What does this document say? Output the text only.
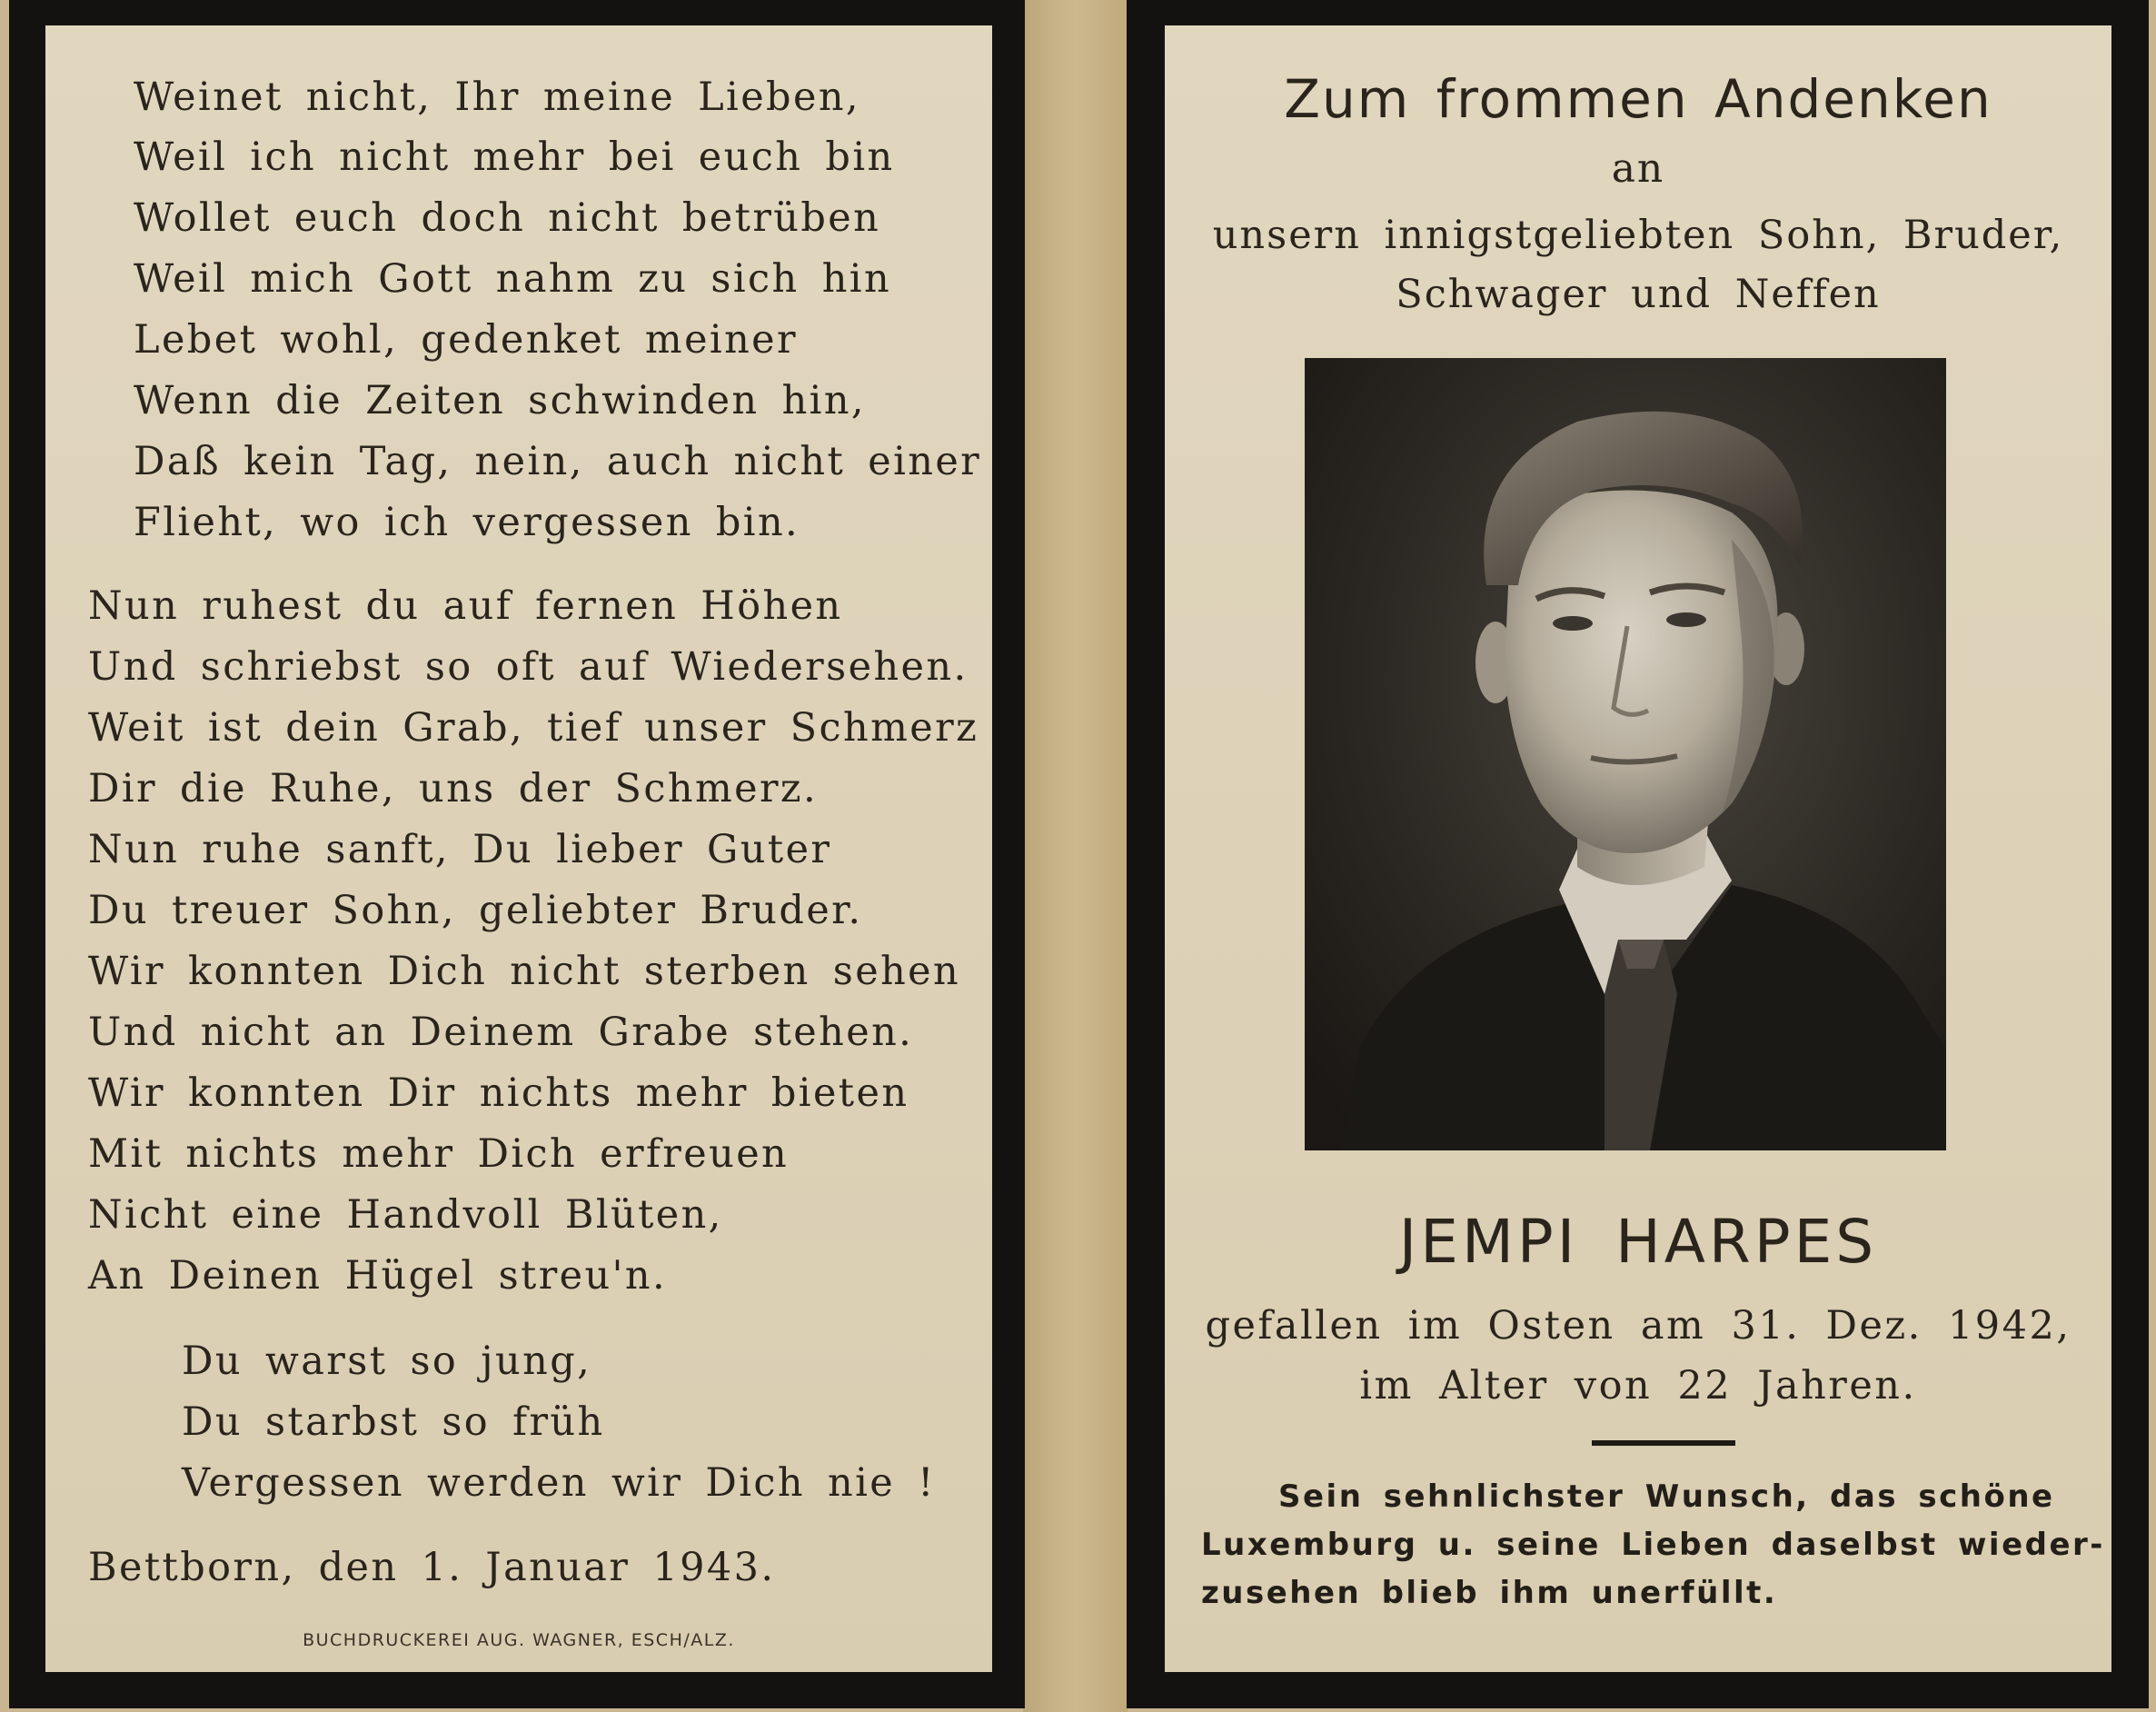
Weinet nicht, Ihr meine Lieben,
Weil ich nicht mehr bei euch bin
Wollet euch doch nicht betrüben
Weil mich Gott nahm zu sich hin
Lebet wohl, gedenket meiner
Wenn die Zeiten schwinden hin,
Daß kein Tag, nein, auch nicht einer
Flieht, wo ich vergessen bin.
Nun ruhest du auf fernen Höhen
Und schriebst so oft auf Wiedersehen.
Weit ist dein Grab, tief unser Schmerz
Dir die Ruhe, uns der Schmerz.
Nun ruhe sanft, Du lieber Guter
Du treuer Sohn, geliebter Bruder.
Wir konnten Dich nicht sterben sehen
Und nicht an Deinem Grabe stehen.
Wir konnten Dir nichts mehr bieten
Mit nichts mehr Dich erfreuen
Nicht eine Handvoll Blüten,
An Deinen Hügel streu'n.
Du warst so jung,
Du starbst so früh
Vergessen werden wir Dich nie !
Bettborn, den 1. Januar 1943.
BUCHDRUCKEREI AUG. WAGNER, ESCH/ALZ.
Zum frommen Andenken
an
unsern innigstgeliebten Sohn, Bruder,
Schwager und Neffen
JEMPI HARPES
gefallen im Osten am 31. Dez. 1942,
im Alter von 22 Jahren.
Sein sehnlichster Wunsch, das schöne
Luxemburg u. seine Lieben daselbst wieder-
zusehen blieb ihm unerfüllt.
